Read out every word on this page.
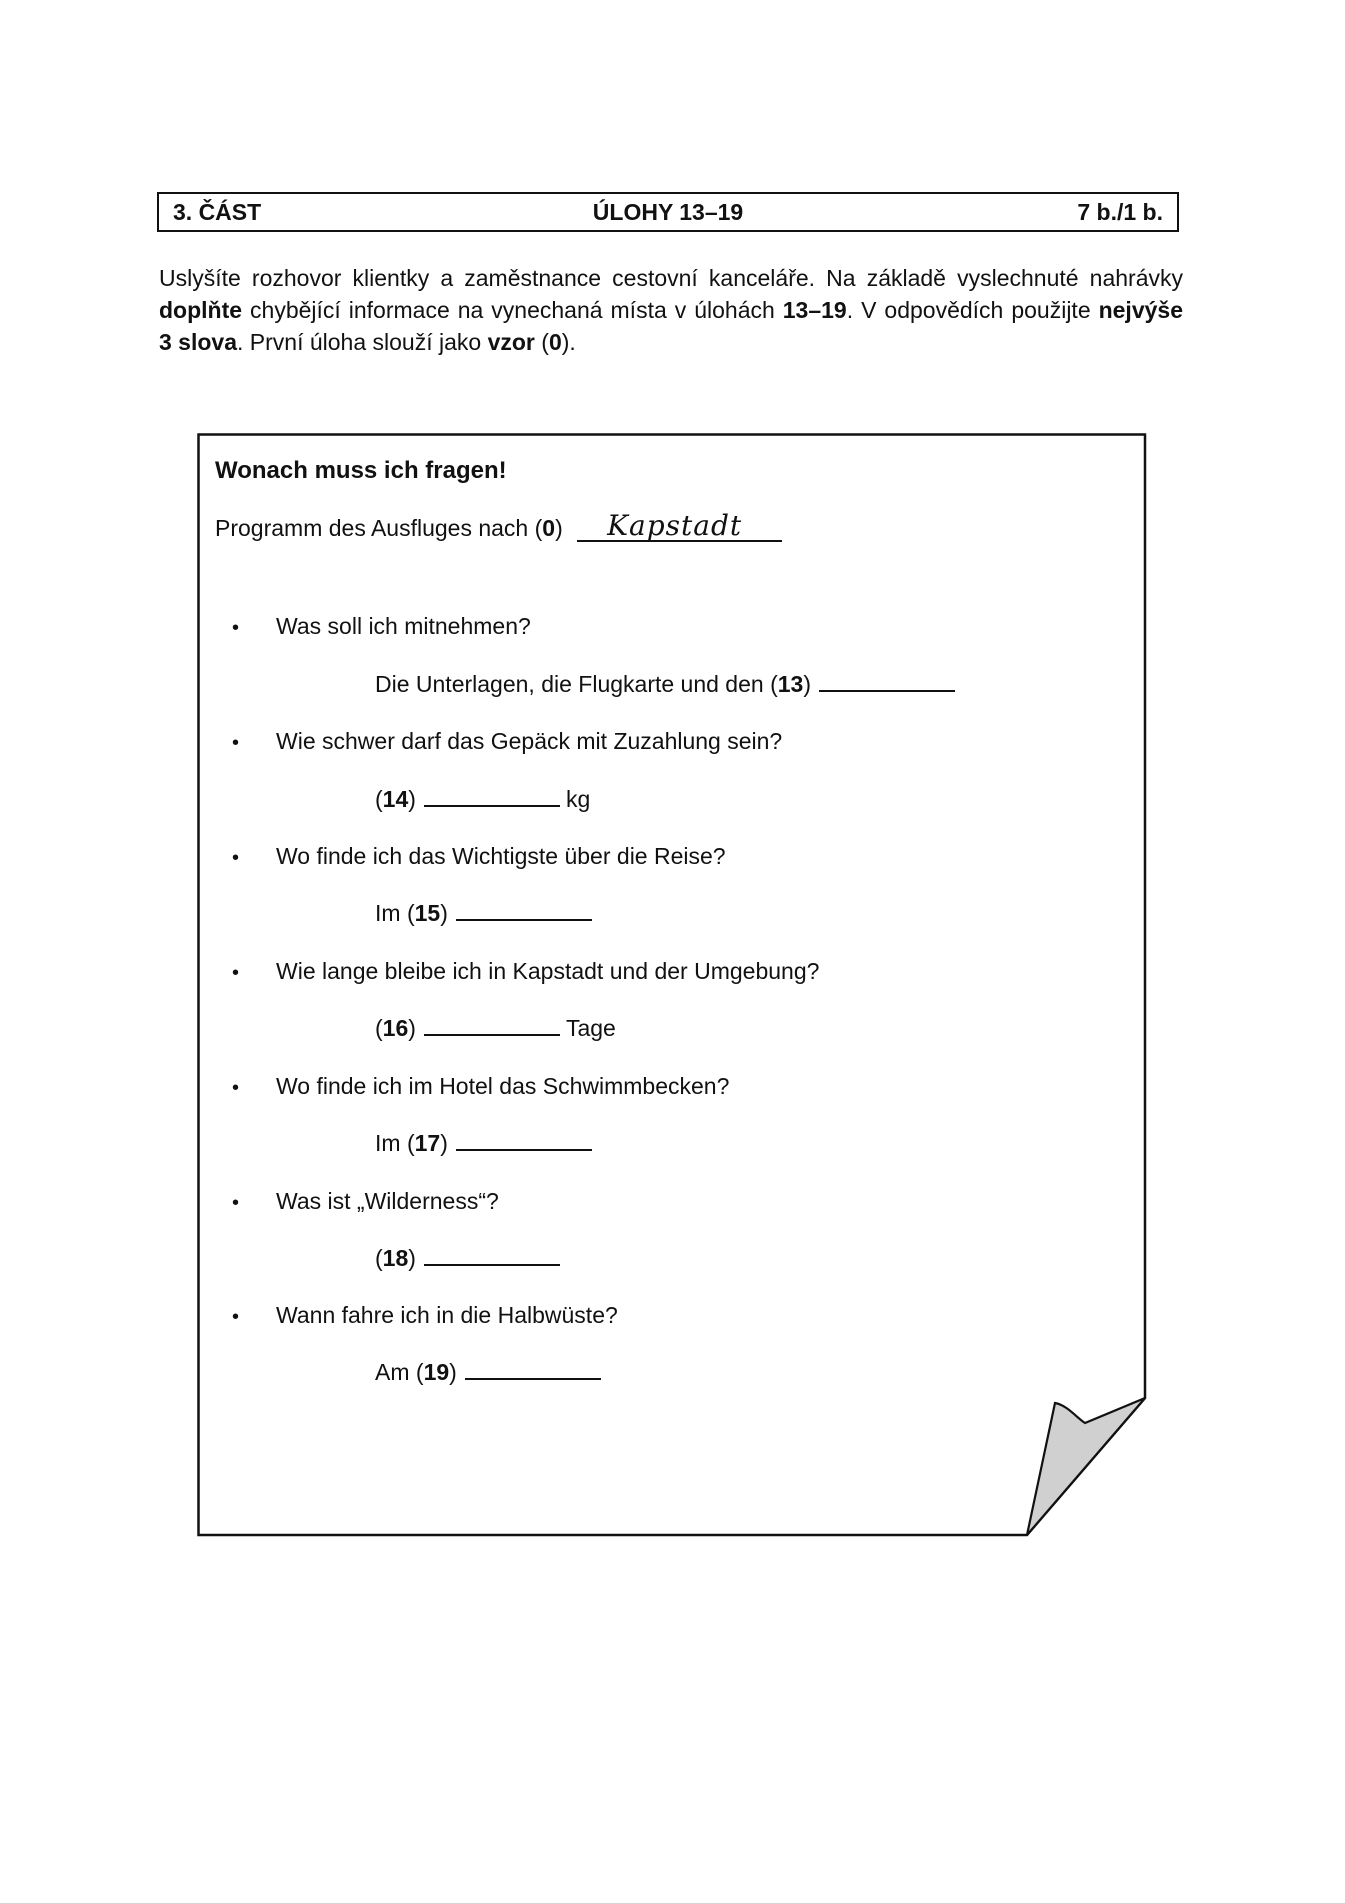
3. ČÁST	ÚLOHY 13–19	7 b./1 b.
Uslyšíte rozhovor klientky a zaměstnance cestovní kanceláře. Na základě vyslechnuté nahrávky doplňte chybějící informace na vynechaná místa v úlohách 13–19. V odpovědích použijte nejvýše 3 slova. První úloha slouží jako vzor (0).
Wonach muss ich fragen!
Programm des Ausfluges nach (0) Kapstadt
• Was soll ich mitnehmen?
Die Unterlagen, die Flugkarte und den (13)
• Wie schwer darf das Gepäck mit Zuzahlung sein?
(14)	kg
• Wo finde ich das Wichtigste über die Reise?
Im (15)
• Wie lange bleibe ich in Kapstadt und der Umgebung?
(16)	Tage
• Wo finde ich im Hotel das Schwimmbecken?
Im (17)
• Was ist „Wilderness“?
(18)
• Wann fahre ich in die Halbwüste?
Am (19)
